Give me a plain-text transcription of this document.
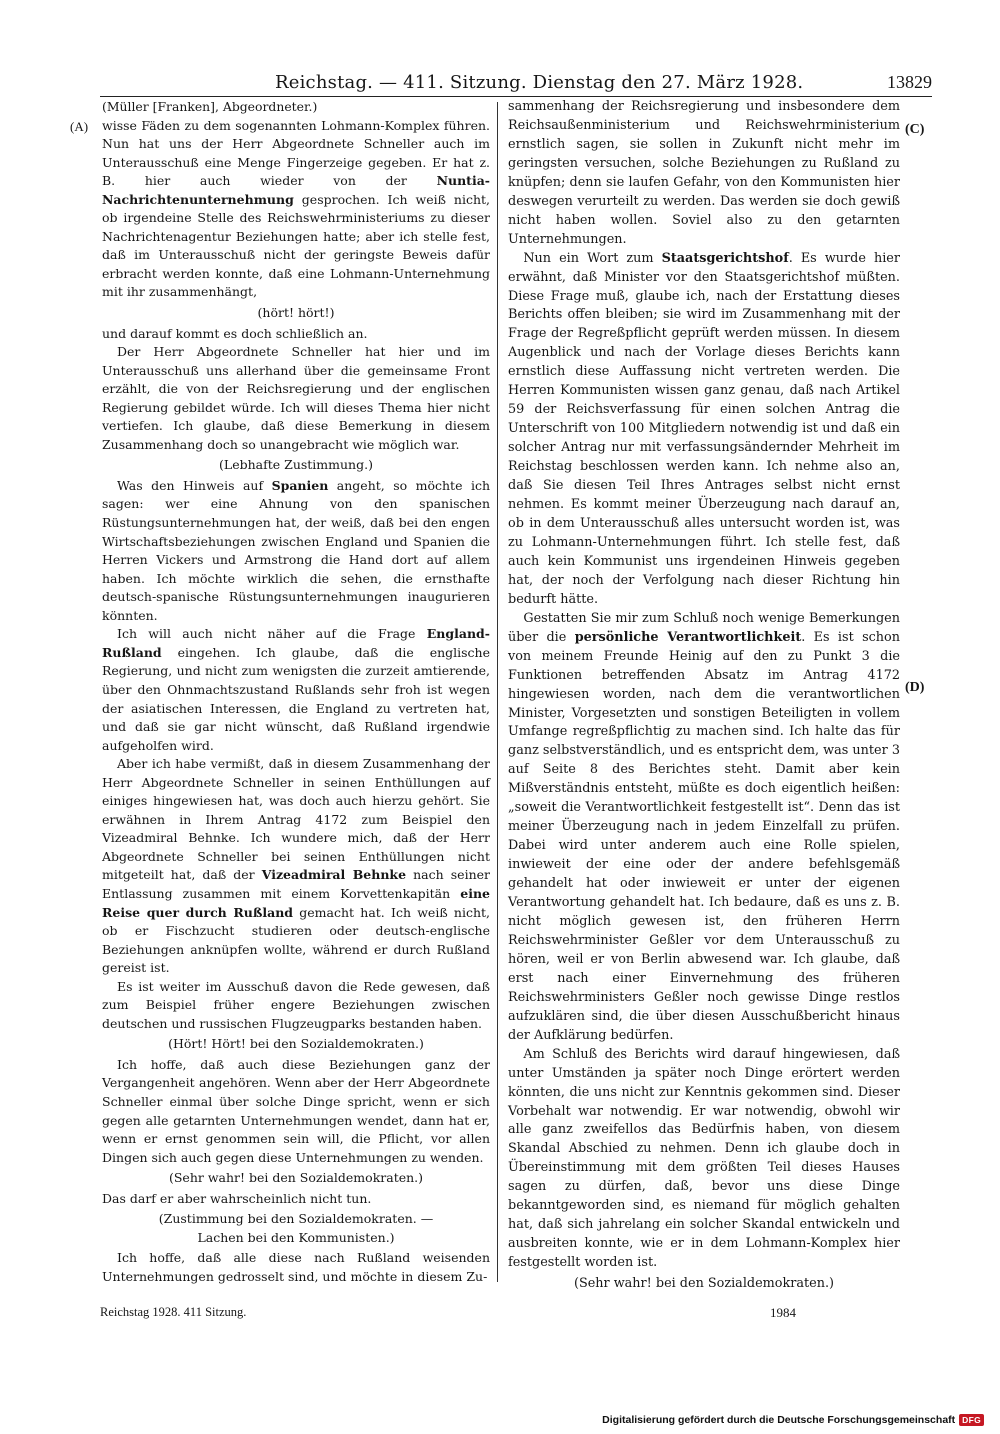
Reichstag. — 411. Sitzung. Dienstag den 27. März 1928.	13829
(A)	(C)
(D)

(Müller [Franken], Abgeordneter.)

wisse Fäden zu dem sogenannten Lohmann-Komplex führen. Nun hat uns der Herr Abgeordnete Schneller auch im Unterausschuß eine Menge Fingerzeige gegeben. Er hat z. B. hier auch wieder von der Nuntia-Nachrichtenunternehmung gesprochen. Ich weiß nicht, ob irgendeine Stelle des Reichswehrministeriums zu dieser Nachrichtenagentur Beziehungen hatte; aber ich stelle fest, daß im Unterausschuß nicht der geringste Beweis dafür erbracht werden konnte, daß eine Lohmann-Unternehmung mit ihr zusammenhängt,

(hört! hört!)

und darauf kommt es doch schließlich an.

Der Herr Abgeordnete Schneller hat hier und im Unterausschuß uns allerhand über die gemeinsame Front erzählt, die von der Reichsregierung und der englischen Regierung gebildet würde. Ich will dieses Thema hier nicht vertiefen. Ich glaube, daß diese Bemerkung in diesem Zusammenhang doch so unangebracht wie möglich war.

(Lebhafte Zustimmung.)

Was den Hinweis auf Spanien angeht, so möchte ich sagen: wer eine Ahnung von den spanischen Rüstungsunternehmungen hat, der weiß, daß bei den engen Wirtschaftsbeziehungen zwischen England und Spanien die Herren Vickers und Armstrong die Hand dort auf allem haben. Ich möchte wirklich die sehen, die ernsthafte deutsch-spanische Rüstungsunternehmungen inaugurieren könnten.

Ich will auch nicht näher auf die Frage England-Rußland eingehen. Ich glaube, daß die englische Regierung, und nicht zum wenigsten die zurzeit amtierende, über den Ohnmachtszustand Rußlands sehr froh ist wegen der asiatischen Interessen, die England zu vertreten hat, und daß sie gar nicht wünscht, daß Rußland irgendwie aufgeholfen wird.

Aber ich habe vermißt, daß in diesem Zusammenhang der Herr Abgeordnete Schneller in seinen Enthüllungen auf einiges hingewiesen hat, was doch auch hierzu gehört. Sie erwähnen in Ihrem Antrag 4172 zum Beispiel den Vizeadmiral Behnke. Ich wundere mich, daß der Herr Abgeordnete Schneller bei seinen Enthüllungen nicht mitgeteilt hat, daß der Vizeadmiral Behnke nach seiner Entlassung zusammen mit einem Korvettenkapitän eine Reise quer durch Rußland gemacht hat. Ich weiß nicht, ob er Fischzucht studieren oder deutsch-englische Beziehungen anknüpfen wollte, während er durch Rußland gereist ist.

Es ist weiter im Ausschuß davon die Rede gewesen, daß zum Beispiel früher engere Beziehungen zwischen deutschen und russischen Flugzeugparks bestanden haben.

(Hört! Hört! bei den Sozialdemokraten.)

Ich hoffe, daß auch diese Beziehungen ganz der Vergangenheit angehören. Wenn aber der Herr Abgeordnete Schneller einmal über solche Dinge spricht, wenn er sich gegen alle getarnten Unternehmungen wendet, dann hat er, wenn er ernst genommen sein will, die Pflicht, vor allen Dingen sich auch gegen diese Unternehmungen zu wenden.

(Sehr wahr! bei den Sozialdemokraten.)

Das darf er aber wahrscheinlich nicht tun.

(Zustimmung bei den Sozialdemokraten. —
Lachen bei den Kommunisten.)

Ich hoffe, daß alle diese nach Rußland weisenden Unternehmungen gedrosselt sind, und möchte in diesem Zu-

sammenhang der Reichsregierung und insbesondere dem Reichsaußenministerium und Reichswehrministerium ernstlich sagen, sie sollen in Zukunft nicht mehr im geringsten versuchen, solche Beziehungen zu Rußland zu knüpfen; denn sie laufen Gefahr, von den Kommunisten hier deswegen verurteilt zu werden. Das werden sie doch gewiß nicht haben wollen. Soviel also zu den getarnten Unternehmungen.

Nun ein Wort zum Staatsgerichtshof. Es wurde hier erwähnt, daß Minister vor den Staatsgerichtshof müßten. Diese Frage muß, glaube ich, nach der Erstattung dieses Berichts offen bleiben; sie wird im Zusammenhang mit der Frage der Regreßpflicht geprüft werden müssen. In diesem Augenblick und nach der Vorlage dieses Berichts kann ernstlich diese Auffassung nicht vertreten werden. Die Herren Kommunisten wissen ganz genau, daß nach Artikel 59 der Reichsverfassung für einen solchen Antrag die Unterschrift von 100 Mitgliedern notwendig ist und daß ein solcher Antrag nur mit verfassungsändernder Mehrheit im Reichstag beschlossen werden kann. Ich nehme also an, daß Sie diesen Teil Ihres Antrages selbst nicht ernst nehmen. Es kommt meiner Überzeugung nach darauf an, ob in dem Unterausschuß alles untersucht worden ist, was zu Lohmann-Unternehmungen führt. Ich stelle fest, daß auch kein Kommunist uns irgendeinen Hinweis gegeben hat, der noch der Verfolgung nach dieser Richtung hin bedurft hätte.

Gestatten Sie mir zum Schluß noch wenige Bemerkungen über die persönliche Verantwortlichkeit. Es ist schon von meinem Freunde Heinig auf den zu Punkt 3 die Funktionen betreffenden Absatz im Antrag 4172 hingewiesen worden, nach dem die verantwortlichen Minister, Vorgesetzten und sonstigen Beteiligten in vollem Umfange regreßpflichtig zu machen sind. Ich halte das für ganz selbstverständlich, und es entspricht dem, was unter 3 auf Seite 8 des Berichtes steht. Damit aber kein Mißverständnis entsteht, müßte es doch eigentlich heißen: „soweit die Verantwortlichkeit festgestellt ist“. Denn das ist meiner Überzeugung nach in jedem Einzelfall zu prüfen. Dabei wird unter anderem auch eine Rolle spielen, inwieweit der eine oder der andere befehlsgemäß gehandelt hat oder inwieweit er unter der eigenen Verantwortung gehandelt hat. Ich bedaure, daß es uns z. B. nicht möglich gewesen ist, den früheren Herrn Reichswehrminister Geßler vor dem Unterausschuß zu hören, weil er von Berlin abwesend war. Ich glaube, daß erst nach einer Einvernehmung des früheren Reichswehrministers Geßler noch gewisse Dinge restlos aufzuklären sind, die über diesen Ausschußbericht hinaus der Aufklärung bedürfen.

Am Schluß des Berichts wird darauf hingewiesen, daß unter Umständen ja später noch Dinge erörtert werden könnten, die uns nicht zur Kenntnis gekommen sind. Dieser Vorbehalt war notwendig. Er war notwendig, obwohl wir alle ganz zweifellos das Bedürfnis haben, von diesem Skandal Abschied zu nehmen. Denn ich glaube doch in Übereinstimmung mit dem größten Teil dieses Hauses sagen zu dürfen, daß, bevor uns diese Dinge bekanntgeworden sind, es niemand für möglich gehalten hat, daß sich jahrelang ein solcher Skandal entwickeln und ausbreiten konnte, wie er in dem Lohmann-Komplex hier festgestellt worden ist.

(Sehr wahr! bei den Sozialdemokraten.)

Reichstag 1928. 411 Sitzung.	1984
Digitalisierung gefördert durch die Deutsche Forschungsgemeinschaft DFG
